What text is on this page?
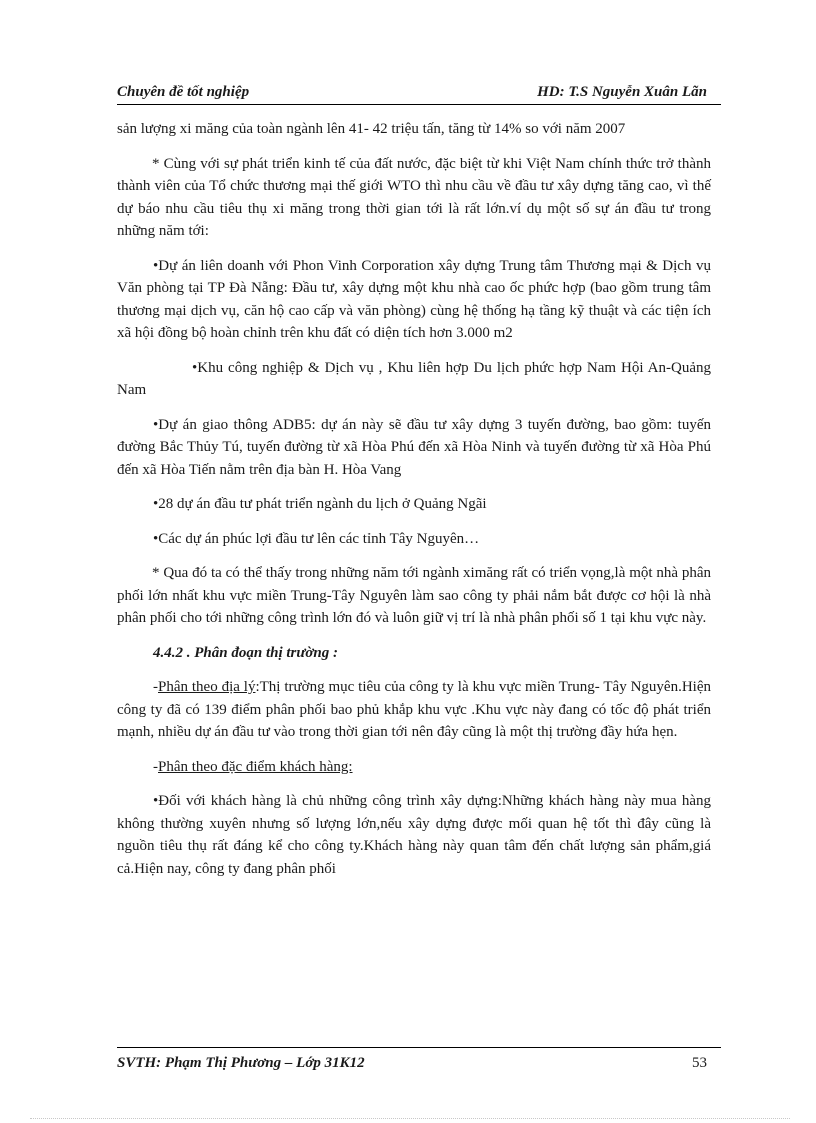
Chuyên đề tốt nghiệp	HD: T.S Nguyễn Xuân Lãn

sản lượng xi măng của toàn ngành lên 41- 42 triệu tấn, tăng từ 14% so với năm 2007

* Cùng với sự phát triển kinh tế của đất nước, đặc biệt từ khi Việt Nam chính thức trở thành thành viên của Tổ chức thương mại thế giới WTO thì nhu cầu về đầu tư xây dựng tăng cao, vì thế dự báo nhu cầu tiêu thụ xi măng trong thời gian tới là rất lớn.ví dụ một số sự án đầu tư trong những năm tới:

•Dự án liên doanh với Phon Vinh Corporation xây dựng Trung tâm Thương mại & Dịch vụ Văn phòng tại TP Đà Nẵng: Đầu tư, xây dựng một khu nhà cao ốc phức hợp (bao gồm trung tâm thương mại dịch vụ, căn hộ cao cấp và văn phòng) cùng hệ thống hạ tầng kỹ thuật và các tiện ích xã hội đồng bộ hoàn chỉnh trên khu đất có diện tích hơn 3.000 m2

•Khu công nghiệp & Dịch vụ , Khu liên hợp Du lịch phức hợp Nam Hội An-Quảng Nam

•Dự án giao thông ADB5: dự án này sẽ đầu tư xây dựng 3 tuyến đường, bao gồm: tuyến đường Bắc Thủy Tú, tuyến đường từ xã Hòa Phú đến xã Hòa Ninh và tuyến đường từ xã Hòa Phú đến xã Hòa Tiến nằm trên địa bàn H. Hòa Vang

•28 dự án đầu tư phát triển ngành du lịch ở Quảng Ngãi

•Các dự án phúc lợi đầu tư lên các tỉnh Tây Nguyên…

* Qua đó ta có thể thấy trong những năm tới ngành ximăng rất có triển vọng,là một nhà phân phối lớn nhất khu vực miền Trung-Tây Nguyên làm sao công ty phải nắm bắt được cơ hội là nhà phân phối cho tới những công trình lớn đó và luôn giữ vị trí là nhà phân phối số 1 tại khu vực này.

4.4.2 . Phân đoạn thị trường :

-Phân theo địa lý:Thị trường mục tiêu của công ty là khu vực miền Trung- Tây Nguyên.Hiện công ty đã có 139 điểm phân phối bao phủ khắp khu vực .Khu vực này đang có tốc độ phát triển mạnh, nhiều dự án đầu tư vào trong thời gian tới nên đây cũng là một thị trường đầy hứa hẹn.

-Phân theo đặc điểm khách hàng:

•Đối với khách hàng là chủ những công trình xây dựng:Những khách hàng này mua hàng không thường xuyên nhưng số lượng lớn,nếu xây dựng được mối quan hệ tốt thì đây cũng là nguồn tiêu thụ rất đáng kể cho công ty.Khách hàng này quan tâm đến chất lượng sản phẩm,giá cả.Hiện nay, công ty đang phân phối

SVTH: Phạm Thị Phương – Lớp 31K12	53
